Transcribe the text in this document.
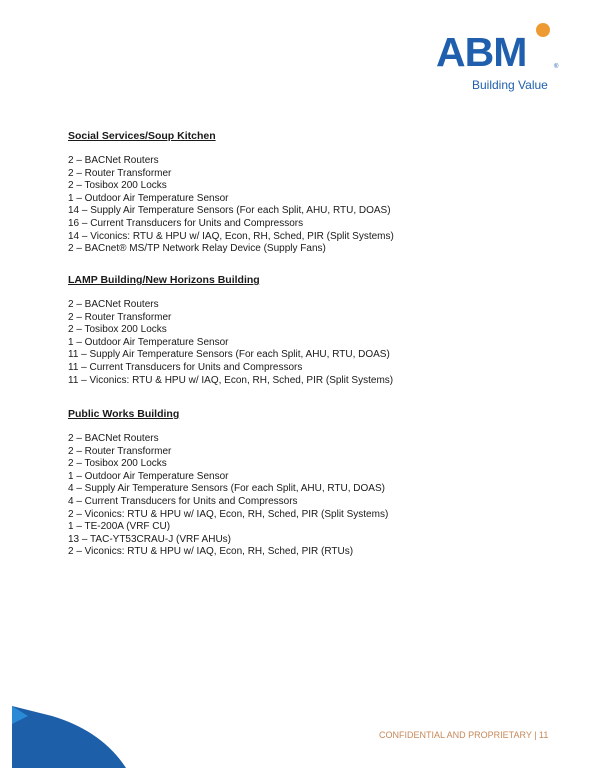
ABM	®
Building Value
Social Services/Soup Kitchen
2 – BACNet Routers
2 – Router Transformer
2 – Tosibox 200 Locks
1 – Outdoor Air Temperature Sensor
14 – Supply Air Temperature Sensors (For each Split, AHU, RTU, DOAS)
16 – Current Transducers for Units and Compressors
14 – Viconics: RTU & HPU w/ IAQ, Econ, RH, Sched, PIR (Split Systems)
2 – BACnet® MS/TP Network Relay Device (Supply Fans)
LAMP Building/New Horizons Building
2 – BACNet Routers
2 – Router Transformer
2 – Tosibox 200 Locks
1 – Outdoor Air Temperature Sensor
11 – Supply Air Temperature Sensors (For each Split, AHU, RTU, DOAS)
11 – Current Transducers for Units and Compressors
11 – Viconics: RTU & HPU w/ IAQ, Econ, RH, Sched, PIR (Split Systems)
Public Works Building
2 – BACNet Routers
2 – Router Transformer
2 – Tosibox 200 Locks
1 – Outdoor Air Temperature Sensor
4 – Supply Air Temperature Sensors (For each Split, AHU, RTU, DOAS)
4 – Current Transducers for Units and Compressors
2 – Viconics: RTU & HPU w/ IAQ, Econ, RH, Sched, PIR (Split Systems)
1 – TE-200A (VRF CU)
13 – TAC-YT53CRAU-J (VRF AHUs)
2 – Viconics: RTU & HPU w/ IAQ, Econ, RH, Sched, PIR (RTUs)
CONFIDENTIAL AND PROPRIETARY | 11
